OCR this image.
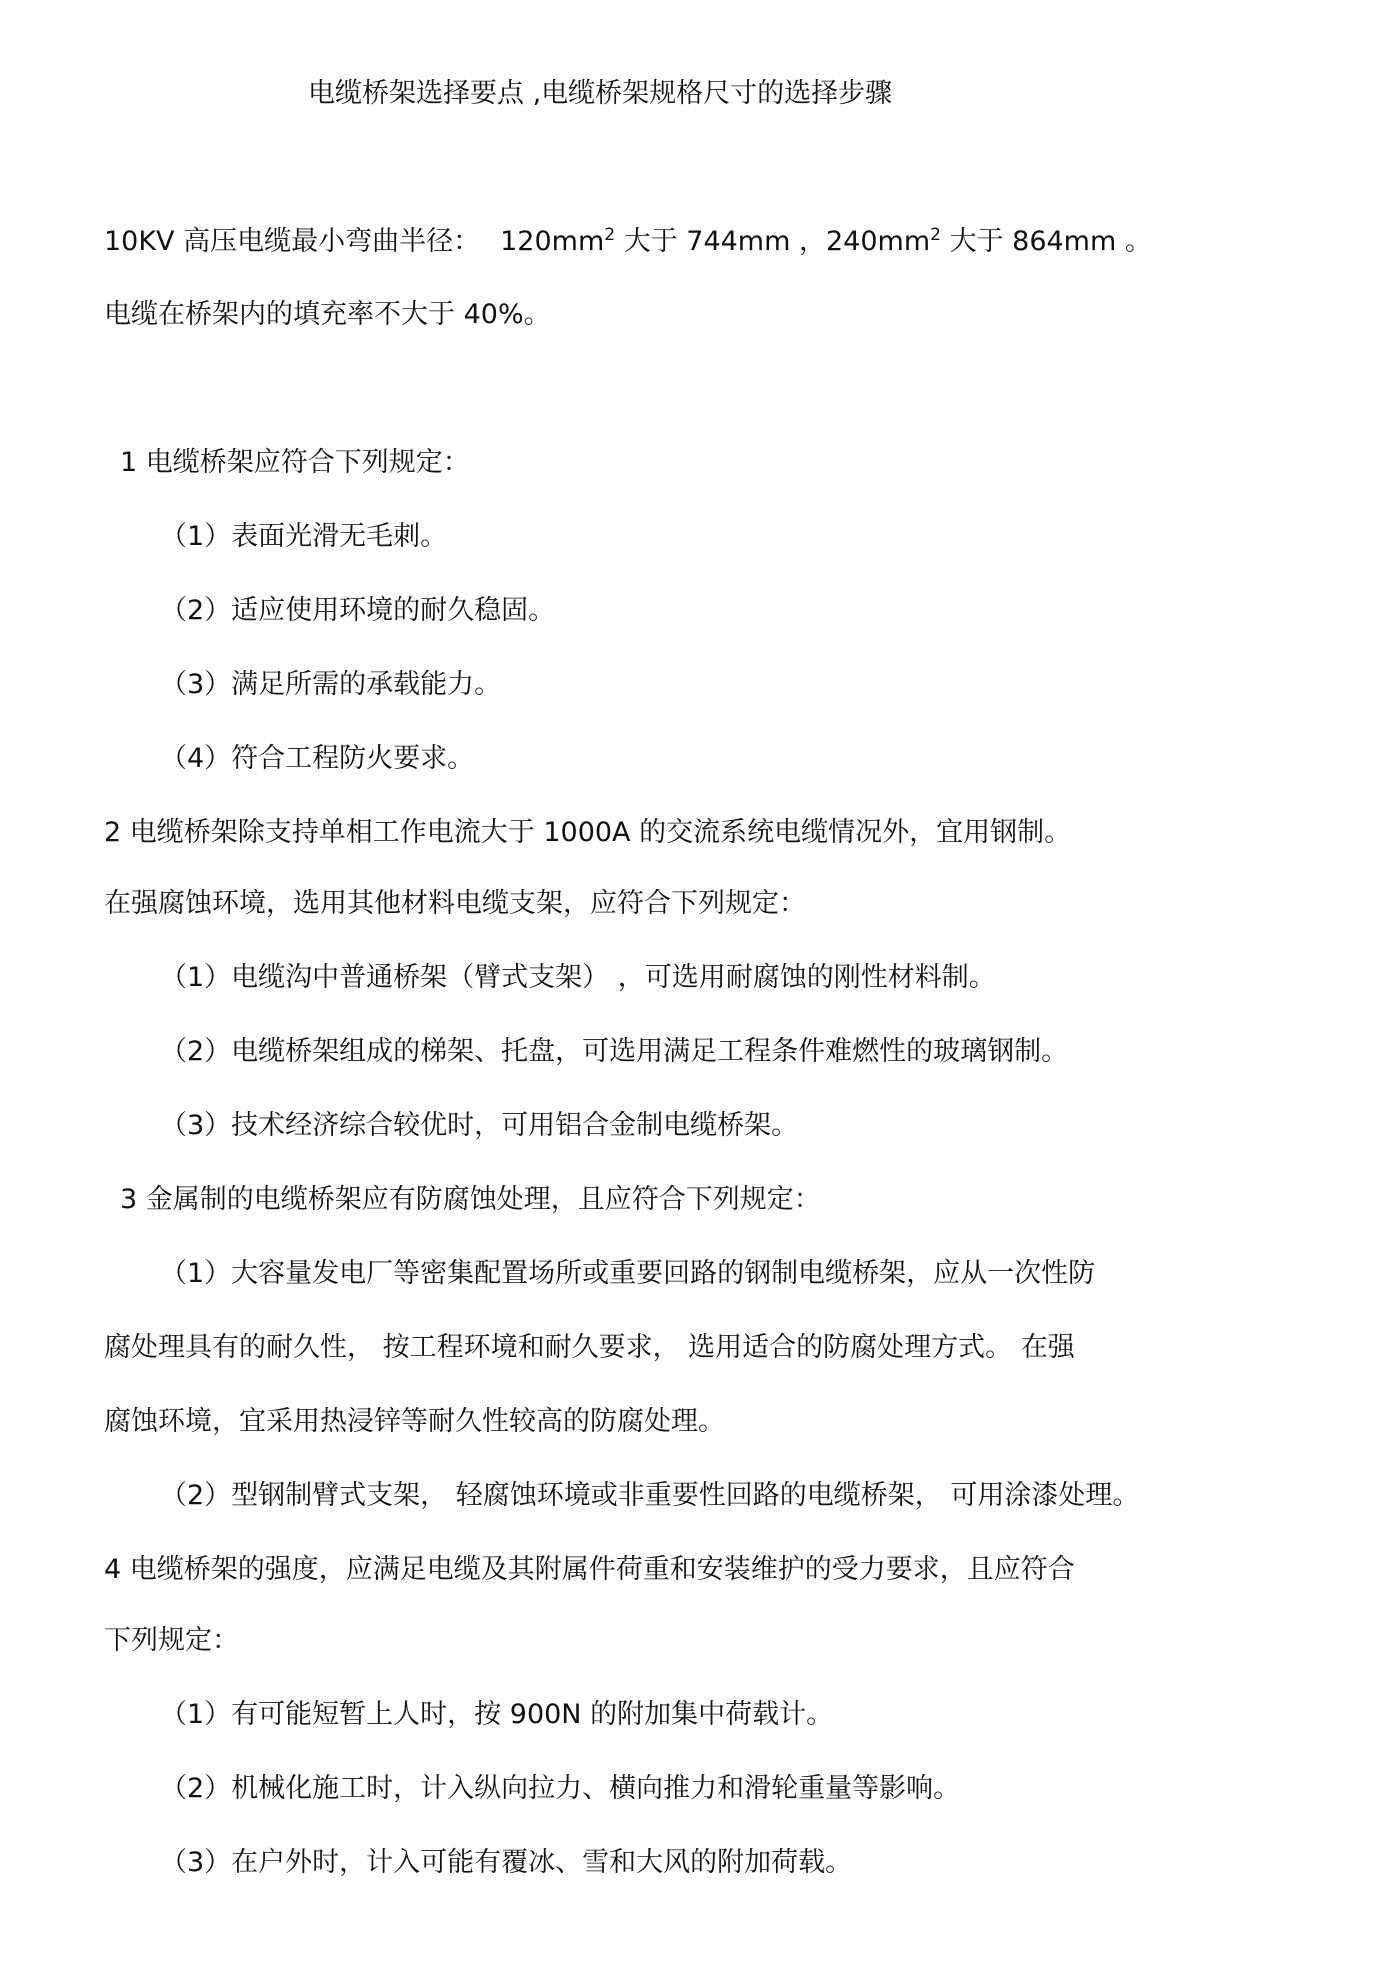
电缆桥架选择要点 ,电缆桥架规格尺寸的选择步骤

10KV 高压电缆最小弯曲半径： $120mm^2$ 大于 744mm ，$240mm^2$ 大于 864mm 。

电缆在桥架内的填充率不大于 40%。

1 电缆桥架应符合下列规定：

（1）表面光滑无毛刺。

（2）适应使用环境的耐久稳固。

（3）满足所需的承载能力。

（4）符合工程防火要求。

2 电缆桥架除支持单相工作电流大于 1000A 的交流系统电缆情况外，宜用钢制。

在强腐蚀环境，选用其他材料电缆支架，应符合下列规定：

（1）电缆沟中普通桥架（臂式支架） ，可选用耐腐蚀的刚性材料制。

（2）电缆桥架组成的梯架、托盘，可选用满足工程条件难燃性的玻璃钢制。

（3）技术经济综合较优时，可用铝合金制电缆桥架。

3 金属制的电缆桥架应有防腐蚀处理，且应符合下列规定：

（1）大容量发电厂等密集配置场所或重要回路的钢制电缆桥架，应从一次性防

腐处理具有的耐久性， 按工程环境和耐久要求， 选用适合的防腐处理方式。 在强

腐蚀环境，宜采用热浸锌等耐久性较高的防腐处理。

（2）型钢制臂式支架， 轻腐蚀环境或非重要性回路的电缆桥架， 可用涂漆处理。

4 电缆桥架的强度，应满足电缆及其附属件荷重和安装维护的受力要求，且应符合

下列规定：

（1）有可能短暂上人时，按 900N 的附加集中荷载计。

（2）机械化施工时，计入纵向拉力、横向推力和滑轮重量等影响。

（3）在户外时，计入可能有覆冰、雪和大风的附加荷载。
